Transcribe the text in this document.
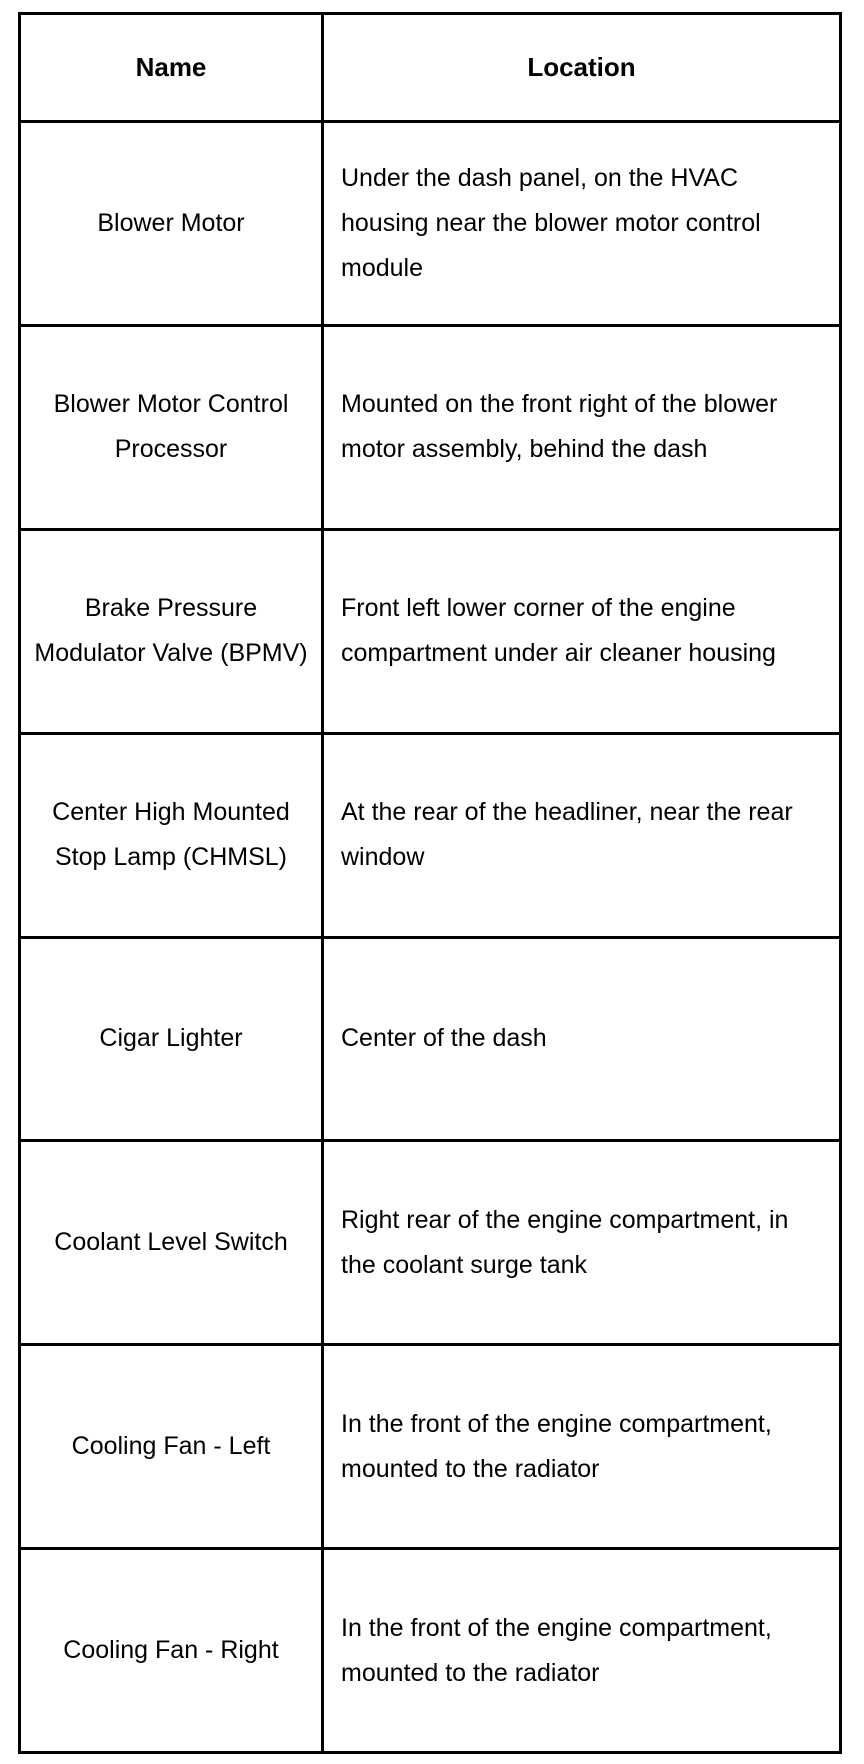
Name	Location
Blower Motor
Under the dash panel, on the HVAC housing near the blower motor control module
Blower Motor Control Processor
Mounted on the front right of the blower motor assembly, behind the dash
Brake Pressure Modulator Valve (BPMV)
Front left lower corner of the engine compartment under air cleaner housing
Center High Mounted Stop Lamp (CHMSL)
At the rear of the headliner, near the rear window
Cigar Lighter	Center of the dash
Coolant Level Switch
Right rear of the engine compartment, in the coolant surge tank
Cooling Fan - Left
In the front of the engine compartment, mounted to the radiator
Cooling Fan - Right
In the front of the engine compartment, mounted to the radiator
